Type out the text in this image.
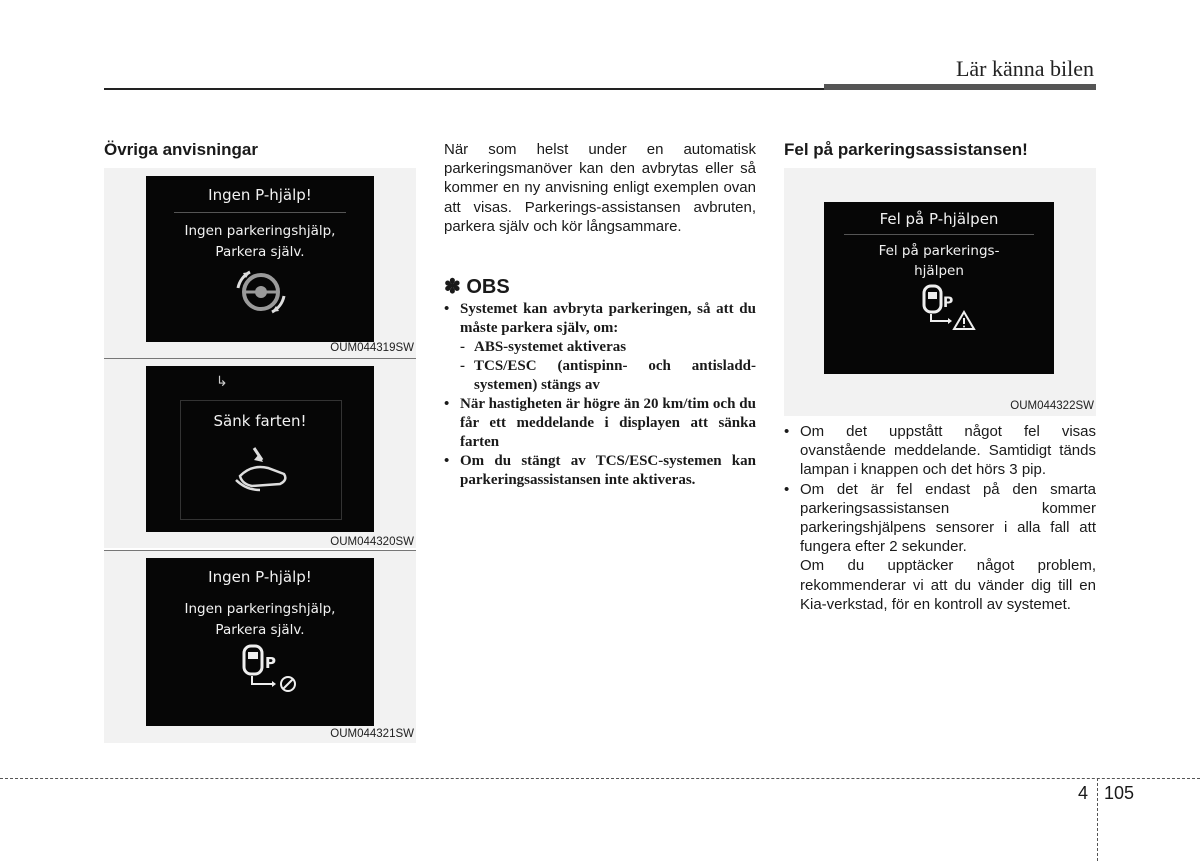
Lär känna bilen
Övriga anvisningar
Ingen P-hjälp!
Ingen parkeringshjälp,
Parkera själv.
OUM044319SW
↳
Sänk farten!
OUM044320SW
Ingen P-hjälp!
Ingen parkeringshjälp,
Parkera själv.
P
OUM044321SW
När som helst under en automatisk parkeringsmanöver kan den avbrytas eller så kommer en ny anvisning enligt exemplen ovan att visas. Parkerings-assistansen avbruten, parkera själv och kör långsammare.
✽ OBS
• Systemet kan avbryta parkeringen, så att du måste parkera själv, om:
- ABS-systemet aktiveras
- TCS/ESC (antispinn- och antisladd-systemen) stängs av
• När hastigheten är högre än 20 km/tim och du får ett meddelande i displayen att sänka farten
• Om du stängt av TCS/ESC-systemen kan parkeringsassistansen inte aktiveras.
Fel på parkeringsassistansen!
Fel på P-hjälpen
Fel på parkerings-
hjälpen
P
OUM044322SW
• Om det uppstått något fel visas ovanstående meddelande. Samtidigt tänds lampan i knappen och det hörs 3 pip.
• Om det är fel endast på den smarta parkeringsassistansen kommer parkeringshjälpens sensorer i alla fall att fungera efter 2 sekunder.
Om du upptäcker något problem, rekommenderar vi att du vänder dig till en Kia-verkstad, för en kontroll av systemet.
4 105
